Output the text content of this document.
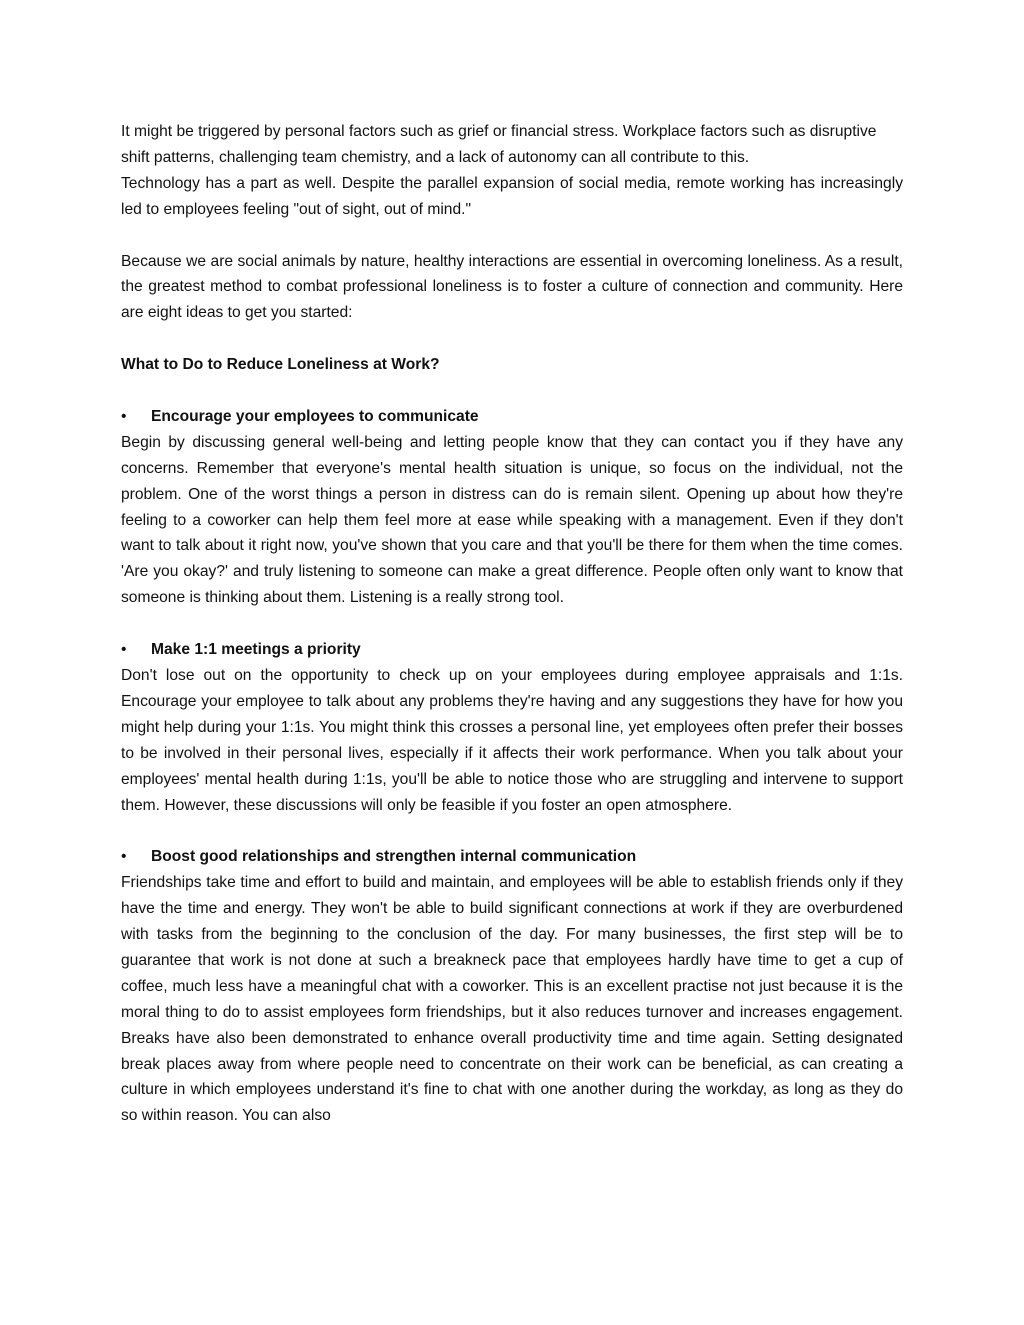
It might be triggered by personal factors such as grief or financial stress. Workplace factors such as disruptive shift patterns, challenging team chemistry, and a lack of autonomy can all contribute to this.

Technology has a part as well. Despite the parallel expansion of social media, remote working has increasingly led to employees feeling "out of sight, out of mind."

Because we are social animals by nature, healthy interactions are essential in overcoming loneliness. As a result, the greatest method to combat professional loneliness is to foster a culture of connection and community. Here are eight ideas to get you started:

What to Do to Reduce Loneliness at Work?

• Encourage your employees to communicate

Begin by discussing general well-being and letting people know that they can contact you if they have any concerns. Remember that everyone's mental health situation is unique, so focus on the individual, not the problem. One of the worst things a person in distress can do is remain silent. Opening up about how they're feeling to a coworker can help them feel more at ease while speaking with a management. Even if they don't want to talk about it right now, you've shown that you care and that you'll be there for them when the time comes. 'Are you okay?' and truly listening to someone can make a great difference. People often only want to know that someone is thinking about them. Listening is a really strong tool.

• Make 1:1 meetings a priority

Don't lose out on the opportunity to check up on your employees during employee appraisals and 1:1s. Encourage your employee to talk about any problems they're having and any suggestions they have for how you might help during your 1:1s. You might think this crosses a personal line, yet employees often prefer their bosses to be involved in their personal lives, especially if it affects their work performance. When you talk about your employees' mental health during 1:1s, you'll be able to notice those who are struggling and intervene to support them. However, these discussions will only be feasible if you foster an open atmosphere.

• Boost good relationships and strengthen internal communication

Friendships take time and effort to build and maintain, and employees will be able to establish friends only if they have the time and energy. They won't be able to build significant connections at work if they are overburdened with tasks from the beginning to the conclusion of the day. For many businesses, the first step will be to guarantee that work is not done at such a breakneck pace that employees hardly have time to get a cup of coffee, much less have a meaningful chat with a coworker. This is an excellent practise not just because it is the moral thing to do to assist employees form friendships, but it also reduces turnover and increases engagement. Breaks have also been demonstrated to enhance overall productivity time and time again. Setting designated break places away from where people need to concentrate on their work can be beneficial, as can creating a culture in which employees understand it's fine to chat with one another during the workday, as long as they do so within reason. You can also
